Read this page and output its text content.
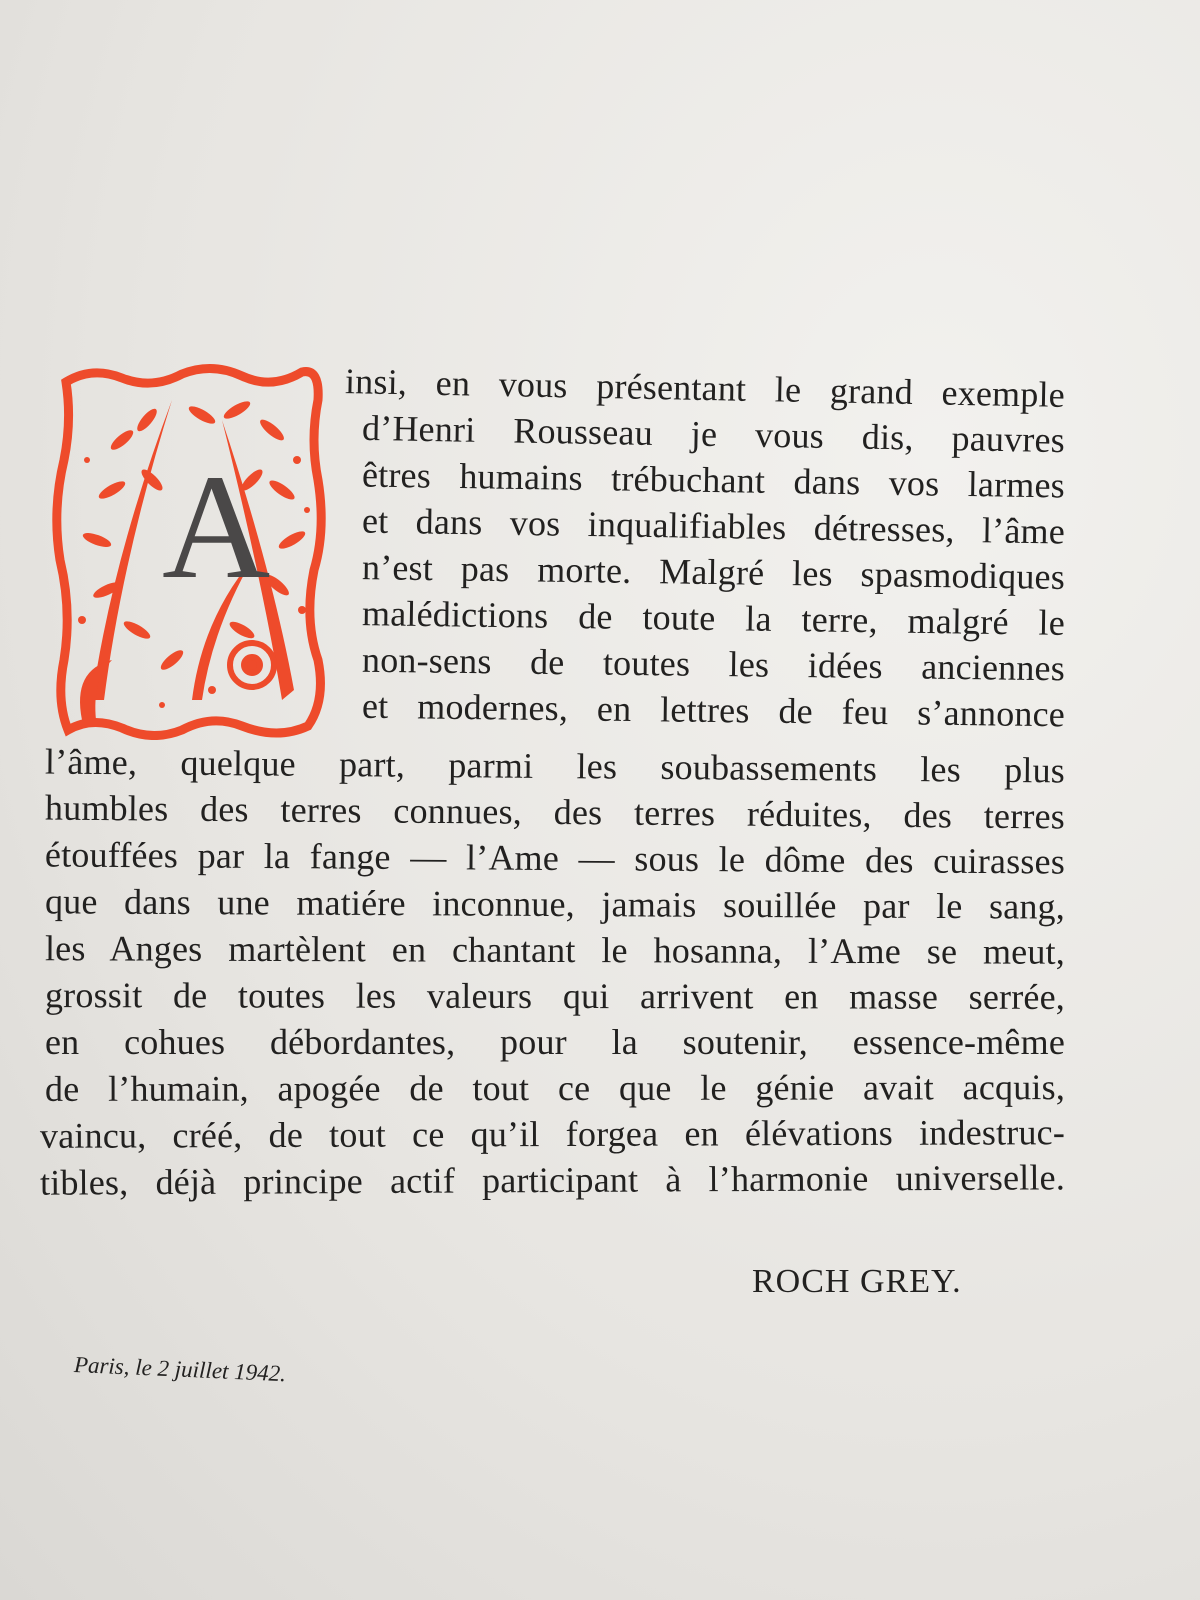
A
insi, en vous présentant le grand exemple
d’Henri Rousseau je vous dis, pauvres
êtres humains trébuchant dans vos larmes
et dans vos inqualifiables détresses, l’âme
n’est pas morte. Malgré les spasmodiques
malédictions de toute la terre, malgré le
non-sens de toutes les idées anciennes
et modernes, en lettres de feu s’annonce
l’âme, quelque part, parmi les soubassements les plus
humbles des terres connues, des terres réduites, des terres
étouffées par la fange — l’Ame — sous le dôme des cuirasses
que dans une matiére inconnue, jamais souillée par le sang,
les Anges martèlent en chantant le hosanna, l’Ame se meut,
grossit de toutes les valeurs qui arrivent en masse serrée,
en cohues débordantes, pour la soutenir, essence-même
de l’humain, apogée de tout ce que le génie avait acquis,
vaincu, créé, de tout ce qu’il forgea en élévations indestruc-
tibles, déjà principe actif participant à l’harmonie universelle.
ROCH GREY.
Paris, le 2 juillet 1942.
